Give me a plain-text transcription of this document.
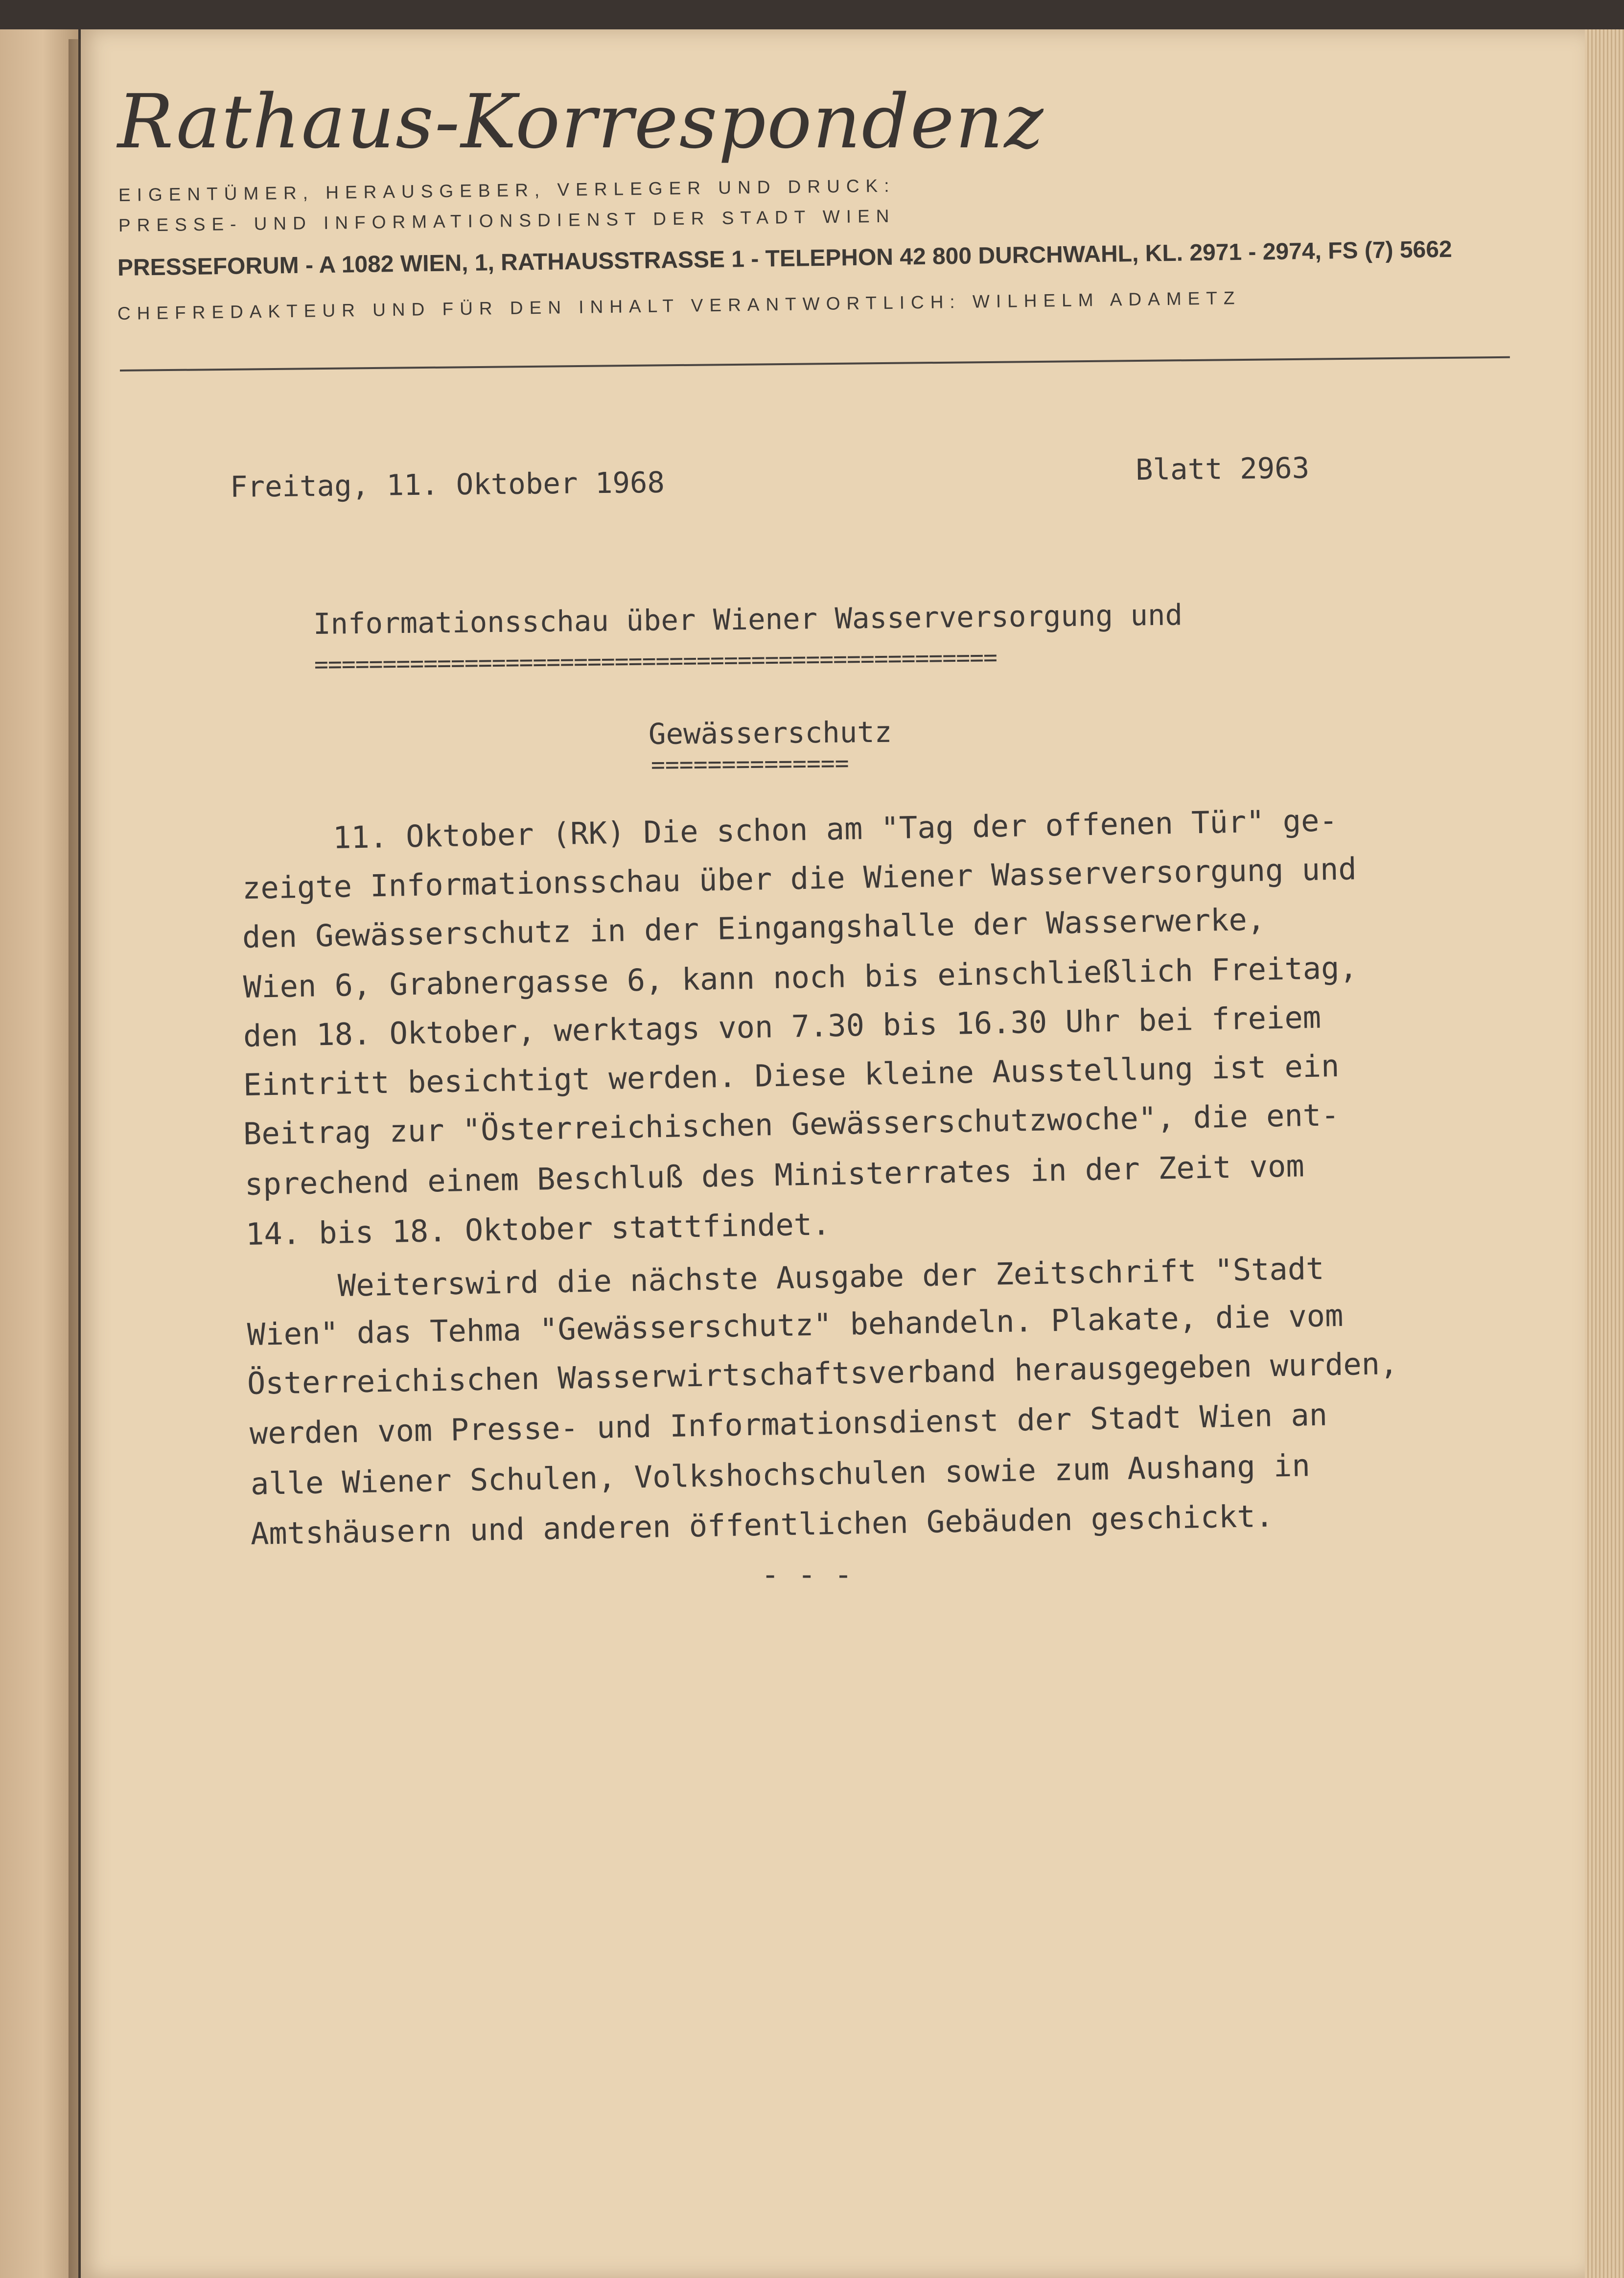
Rathaus-Korrespondenz
EIGENTÜMER, HERAUSGEBER, VERLEGER UND DRUCK:
PRESSE- UND INFORMATIONSDIENST DER STADT WIEN
PRESSEFORUM - A 1082 WIEN, 1, RATHAUSSTRASSE 1 - TELEPHON 42 800 DURCHWAHL, KL. 2971 - 2974, FS (7) 5662
CHEFREDAKTEUR UND FÜR DEN INHALT VERANTWORTLICH: WILHELM ADAMETZ
Freitag, 11. Oktober 1968	Blatt 2963
Informationsschau über Wiener Wasserversorgung und
==================================================
Gewässerschutz
==============
11. Oktober (RK) Die schon am "Tag der offenen Tür" ge-
zeigte Informationsschau über die Wiener Wasserversorgung und
den Gewässerschutz in der Eingangshalle der Wasserwerke,
Wien 6, Grabnergasse 6, kann noch bis einschließlich Freitag,
den 18. Oktober, werktags von 7.30 bis 16.30 Uhr bei freiem
Eintritt besichtigt werden. Diese kleine Ausstellung ist ein
Beitrag zur "Österreichischen Gewässerschutzwoche", die ent-
sprechend einem Beschluß des Ministerrates in der Zeit vom
14. bis 18. Oktober stattfindet.
Weiterswird die nächste Ausgabe der Zeitschrift "Stadt
Wien" das Tehma "Gewässerschutz" behandeln. Plakate, die vom
Österreichischen Wasserwirtschaftsverband herausgegeben wurden,
werden vom Presse- und Informationsdienst der Stadt Wien an
alle Wiener Schulen, Volkshochschulen sowie zum Aushang in
Amtshäusern und anderen öffentlichen Gebäuden geschickt.
- - -
